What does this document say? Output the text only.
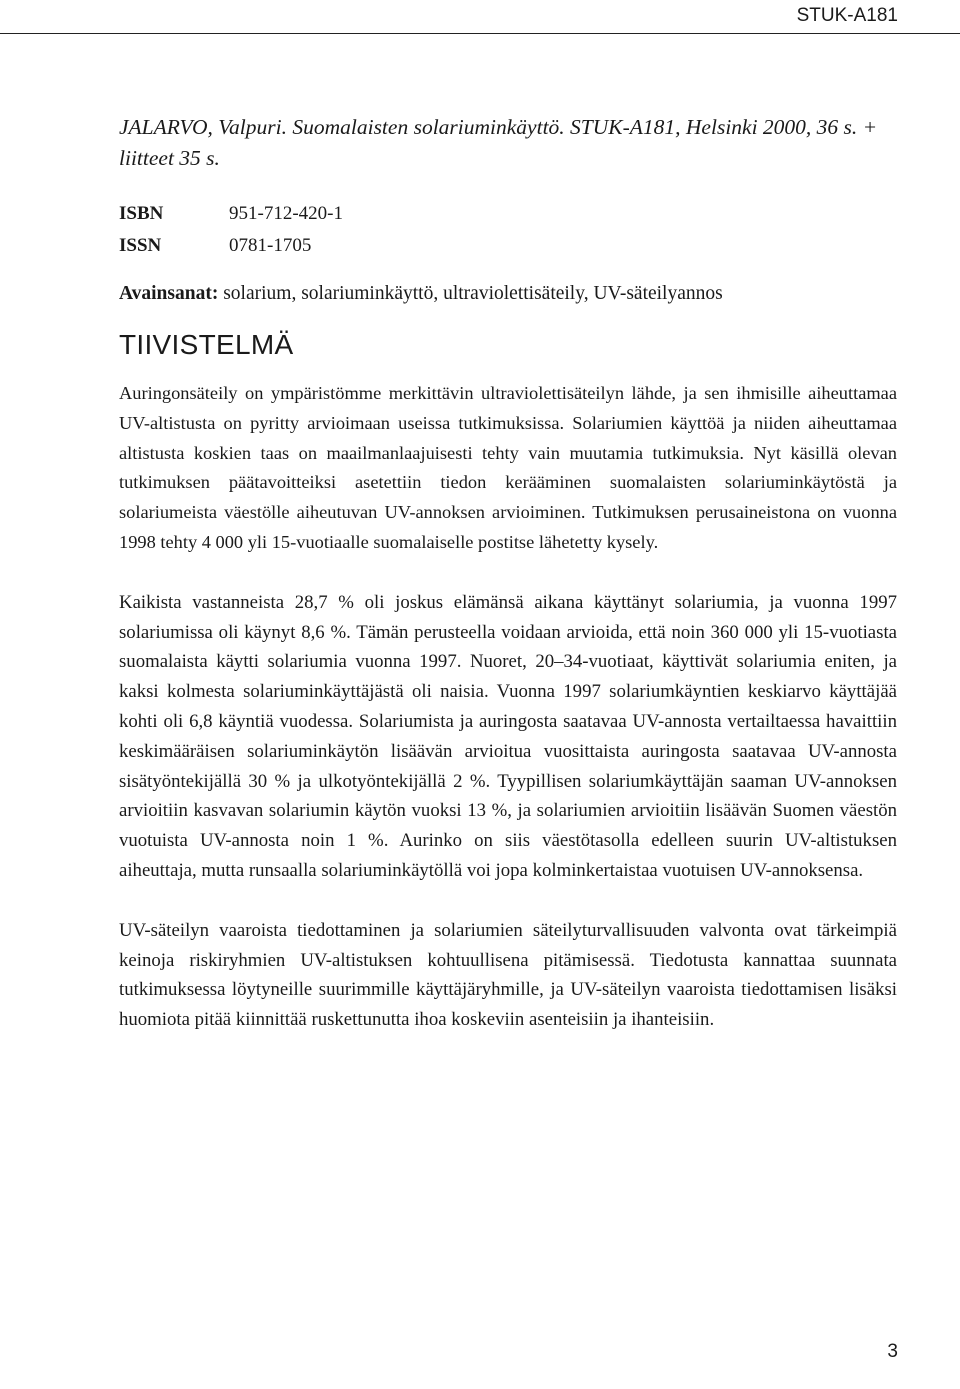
STUK-A181

JALARVO, Valpuri. Suomalaisten solariuminkäyttö. STUK-A181, Helsinki 2000, 36 s. + liitteet 35 s.

ISBN	951-712-420-1
ISSN	0781-1705
Avainsanat: solarium, solariuminkäyttö, ultraviolettisäteily, UV-säteilyannos
TIIVISTELMÄ

Auringonsäteily on ympäristömme merkittävin ultraviolettisäteilyn lähde, ja sen ihmisille aiheuttamaa UV-altistusta on pyritty arvioimaan useissa tutkimuksissa. Solariumien käyttöä ja niiden aiheuttamaa altistusta koskien taas on maailmanlaajuisesti tehty vain muutamia tutkimuksia. Nyt käsillä olevan tutkimuksen päätavoitteiksi asetettiin tiedon kerääminen suomalaisten solariuminkäytöstä ja solariumeista väestölle aiheutuvan UV-annoksen arvioiminen. Tutkimuksen perusaineistona on vuonna 1998 tehty 4 000 yli 15-vuotiaalle suomalaiselle postitse lähetetty kysely.

Kaikista vastanneista 28,7 % oli joskus elämänsä aikana käyttänyt solariumia, ja vuonna 1997 solariumissa oli käynyt 8,6 %. Tämän perusteella voidaan arvioida, että noin 360 000 yli 15-vuotiasta suomalaista käytti solariumia vuonna 1997. Nuoret, 20–34-vuotiaat, käyttivät solariumia eniten, ja kaksi kolmesta solariuminkäyttäjästä oli naisia. Vuonna 1997 solariumkäyntien keskiarvo käyttäjää kohti oli 6,8 käyntiä vuodessa. Solariumista ja auringosta saatavaa UV-annosta vertailtaessa havaittiin keskimääräisen solariuminkäytön lisäävän arvioitua vuosittaista auringosta saatavaa UV-annosta sisätyöntekijällä 30 % ja ulkotyöntekijällä 2 %. Tyypillisen solariumkäyttäjän saaman UV-annoksen arvioitiin kasvavan solariumin käytön vuoksi 13 %, ja solariumien arvioitiin lisäävän Suomen väestön vuotuista UV-annosta noin 1 %. Aurinko on siis väestötasolla edelleen suurin UV-altistuksen aiheuttaja, mutta runsaalla solariuminkäytöllä voi jopa kolminkertaistaa vuotuisen UV-annoksensa.

UV-säteilyn vaaroista tiedottaminen ja solariumien säteilyturvallisuuden valvonta ovat tärkeimpiä keinoja riskiryhmien UV-altistuksen kohtuullisena pitämisessä. Tiedotusta kannattaa suunnata tutkimuksessa löytyneille suurimmille käyttäjäryhmille, ja UV-säteilyn vaaroista tiedottamisen lisäksi huomiota pitää kiinnittää ruskettunutta ihoa koskeviin asenteisiin ja ihanteisiin.

3
